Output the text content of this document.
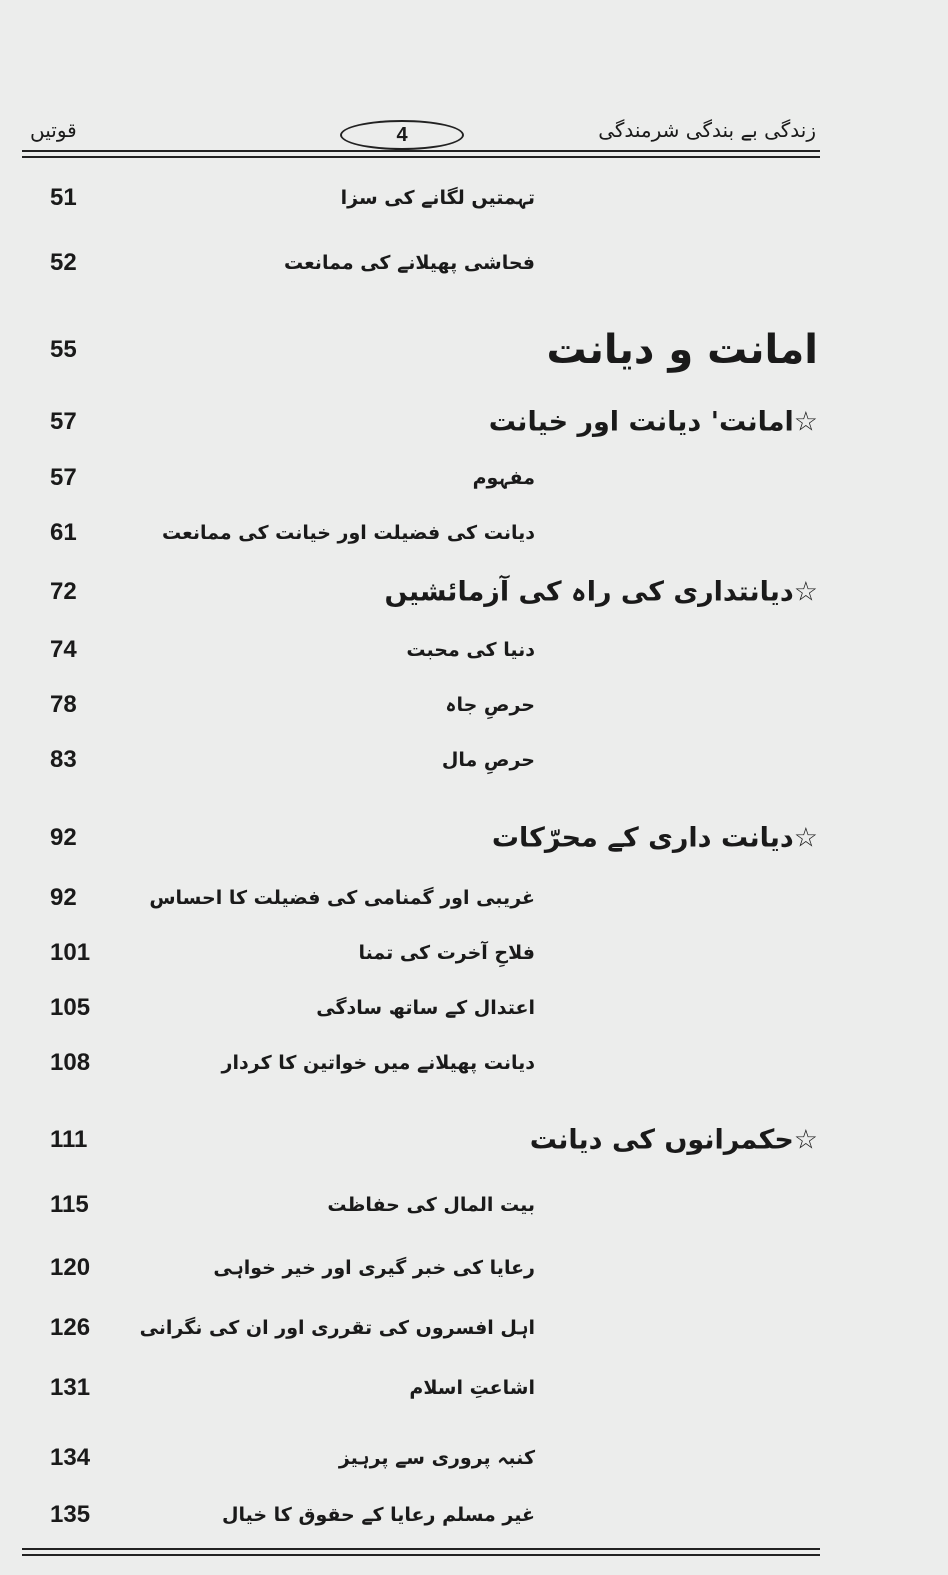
زندگی بے بندگی شرمندگی
4
قوتیں
51	تہمتیں لگانے کی سزا
52	فحاشی پھیلانے کی ممانعت
55	امانت و دیانت
57	☆امانت' دیانت اور خیانت
57	مفہوم
61	دیانت کی فضیلت اور خیانت کی ممانعت
72	☆دیانتداری کی راہ کی آزمائشیں
74	دنیا کی محبت
78	حرصِ جاہ
83	حرصِ مال
92	☆دیانت داری کے محرّکات
92	غریبی اور گمنامی کی فضیلت کا احساس
101	فلاحِ آخرت کی تمنا
105	اعتدال کے ساتھ سادگی
108	دیانت پھیلانے میں خواتین کا کردار
111	☆حکمرانوں کی دیانت
115	بیت المال کی حفاظت
120	رعایا کی خبر گیری اور خیر خواہی
126	اہل افسروں کی تقرری اور ان کی نگرانی
131	اشاعتِ اسلام
134	کنبہ پروری سے پرہیز
135	غیر مسلم رعایا کے حقوق کا خیال
